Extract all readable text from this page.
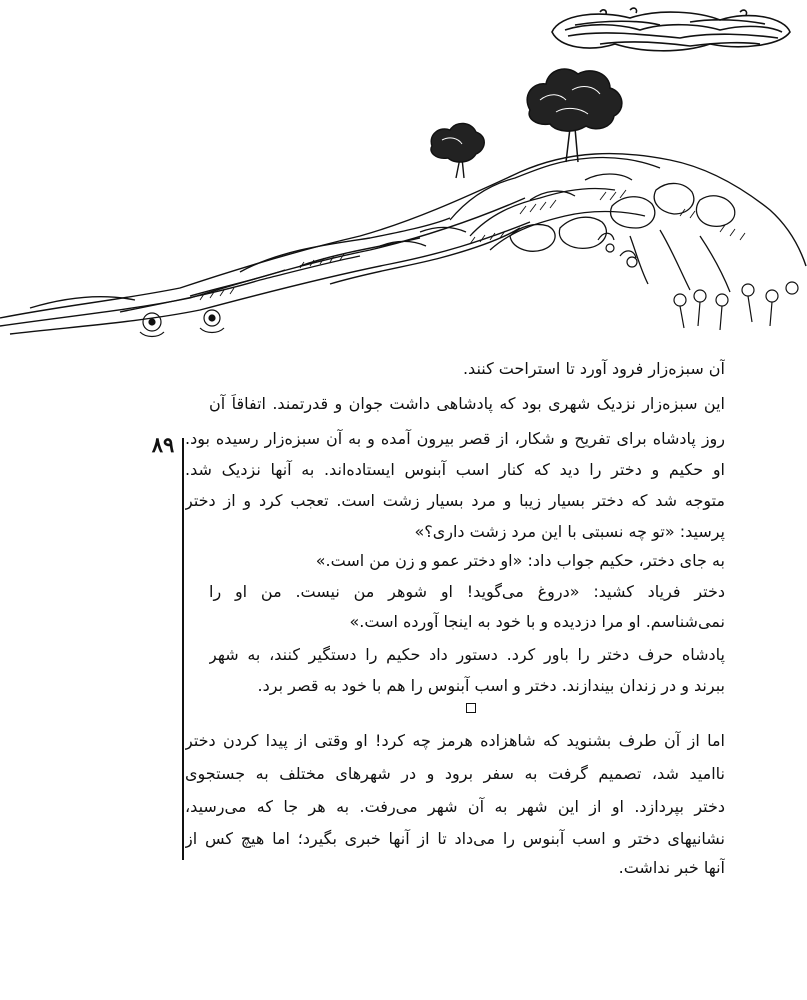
۸۹

آن سبزه‌زار فرود آورد تا استراحت کنند.

این سبزه‌زار نزدیک شهری بود که پادشاهی داشت جوان و قدرتمند. اتفاقاً آن

روز پادشاه برای تفریح و شکار، از قصر بیرون آمده و به آن سبزه‌زار رسیده بود.

او حکیم و دختر را دید که کنار اسب آبنوس ایستاده‌اند. به آنها نزدیک شد.

متوجه شد که دختر بسیار زیبا و مرد بسیار زشت است. تعجب کرد و از دختر

پرسید: «تو چه نسبتی با این مرد زشت داری؟»

به جای دختر، حکیم جواب داد: «او دختر عمو و زن من است.»

دختر فریاد کشید: «دروغ می‌گوید! او شوهر من نیست. من او را

نمی‌شناسم. او مرا دزدیده و با خود به اینجا آورده است.»

پادشاه حرف دختر را باور کرد. دستور داد حکیم را دستگیر کنند، به شهر

ببرند و در زندان بیندازند. دختر و اسب آبنوس را هم با خود به قصر برد.

اما از آن طرف بشنوید که شاهزاده هرمز چه کرد! او وقتی از پیدا کردن دختر

ناامید شد، تصمیم گرفت به سفر برود و در شهرهای مختلف به جستجوی

دختر بپردازد. او از این شهر به آن شهر می‌رفت. به هر جا که می‌رسید،

نشانیهای دختر و اسب آبنوس را می‌داد تا از آنها خبری بگیرد؛ اما هیچ کس از

آنها خبر نداشت.
